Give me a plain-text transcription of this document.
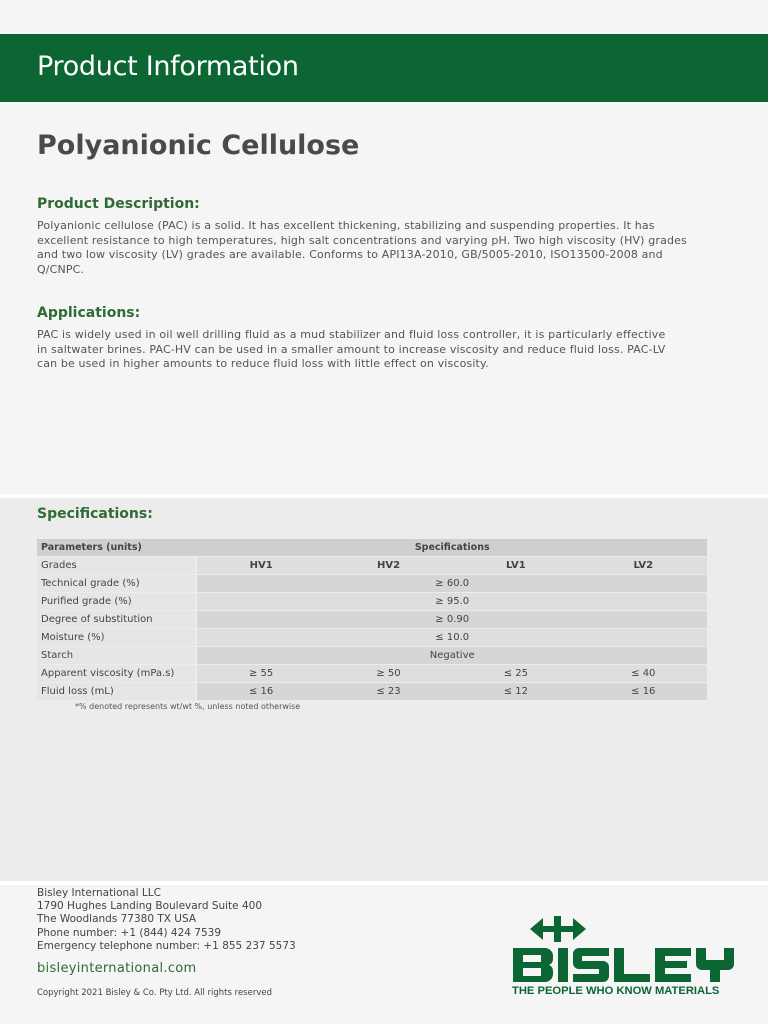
Product Information
Polyanionic Cellulose
Product Description:
Polyanionic cellulose (PAC) is a solid. It has excellent thickening, stabilizing and suspending properties. It has
excellent resistance to high temperatures, high salt concentrations and varying pH. Two high viscosity (HV) grades
and two low viscosity (LV) grades are available. Conforms to API13A-2010, GB/5005-2010, ISO13500-2008 and
Q/CNPC.
Applications:
PAC is widely used in oil well drilling fluid as a mud stabilizer and fluid loss controller, it is particularly effective
in saltwater brines. PAC-HV can be used in a smaller amount to increase viscosity and reduce fluid loss. PAC-LV
can be used in higher amounts to reduce fluid loss with little effect on viscosity.
Specifications:
Parameters (units)		Specifications			
Grades		HV1	HV2	LV1	LV2
Technical grade (%)		≥ 60.0			
Purified grade (%)		≥ 95.0			
Degree of substitution		≥ 0.90			
Moisture (%)		≤ 10.0			
Starch		Negative			
Apparent viscosity (mPa.s)		≥ 55	≥ 50	≤ 25	≤ 40
Fluid loss (mL)		≤ 16	≤ 23	≤ 12	≤ 16
*% denoted represents wt/wt %, unless noted otherwise
Bisley International LLC
1790 Hughes Landing Boulevard Suite 400
The Woodlands 77380 TX USA
Phone number: +1 (844) 424 7539
Emergency telephone number: +1 855 237 5573
bisleyinternational.com
Copyright 2021 Bisley & Co. Pty Ltd. All rights reserved	THE PEOPLE WHO KNOW MATERIALS
